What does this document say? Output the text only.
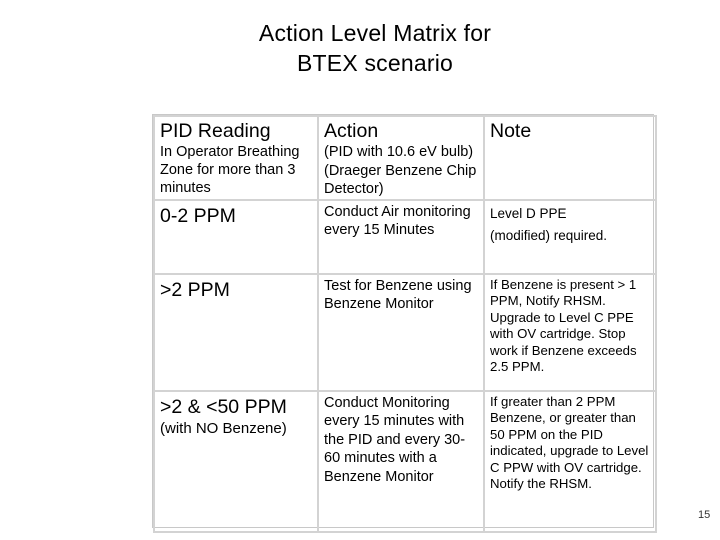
Action Level Matrix for
BTEX scenario
PID Reading
In Operator Breathing Zone for more than 3 minutes	Action
(PID with 10.6 eV bulb)
(Draeger Benzene Chip Detector)	Note

0-2 PPM	Conduct Air monitoring every 15 Minutes	Level D PPE
(modified) required.

>2 PPM	Test for Benzene using Benzene Monitor	If Benzene is present > 1 PPM, Notify RHSM. Upgrade to Level C PPE with OV cartridge. Stop work if Benzene exceeds 2.5 PPM.

>2 & <50 PPM
(with NO Benzene)	Conduct Monitoring every 15 minutes with the PID and every 30-60 minutes with a Benzene Monitor	If greater than 2 PPM Benzene, or greater than 50 PPM on the PID indicated, upgrade to Level C PPW with OV cartridge. Notify the RHSM.
15
